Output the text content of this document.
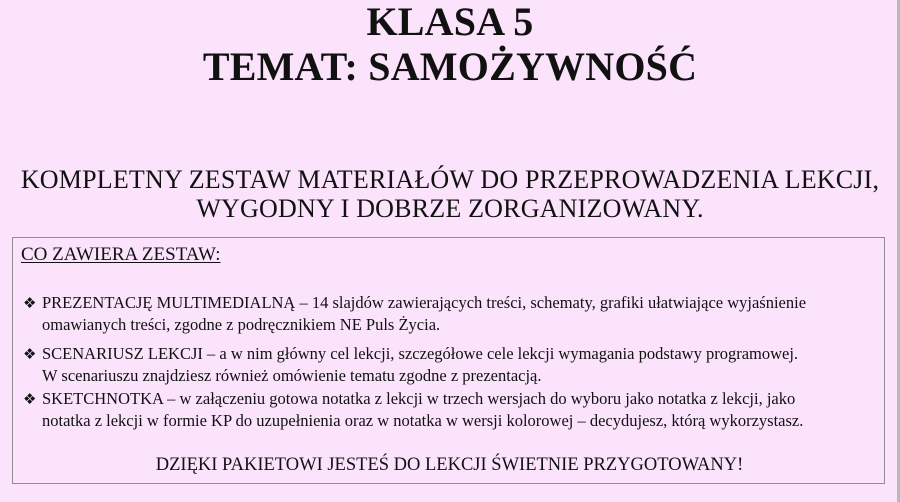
KLASA 5
TEMAT: SAMOŻYWNOŚĆ
KOMPLETNY ZESTAW MATERIAŁÓW DO PRZEPROWADZENIA LEKCJI,
WYGODNY I DOBRZE ZORGANIZOWANY.
CO ZAWIERA ZESTAW:
❖ PREZENTACJĘ MULTIMEDIALNĄ – 14 slajdów zawierających treści, schematy, grafiki ułatwiające wyjaśnienie
omawianych treści, zgodne z podręcznikiem NE Puls Życia.
❖ SCENARIUSZ LEKCJI – a w nim główny cel lekcji, szczegółowe cele lekcji wymagania podstawy programowej.
W scenariuszu znajdziesz również omówienie tematu zgodne z prezentacją.
❖ SKETCHNOTKA – w załączeniu gotowa notatka z lekcji w trzech wersjach do wyboru jako notatka z lekcji, jako
notatka z lekcji w formie KP do uzupełnienia oraz w notatka w wersji kolorowej – decydujesz, którą wykorzystasz.
DZIĘKI PAKIETOWI JESTEŚ DO LEKCJI ŚWIETNIE PRZYGOTOWANY!
